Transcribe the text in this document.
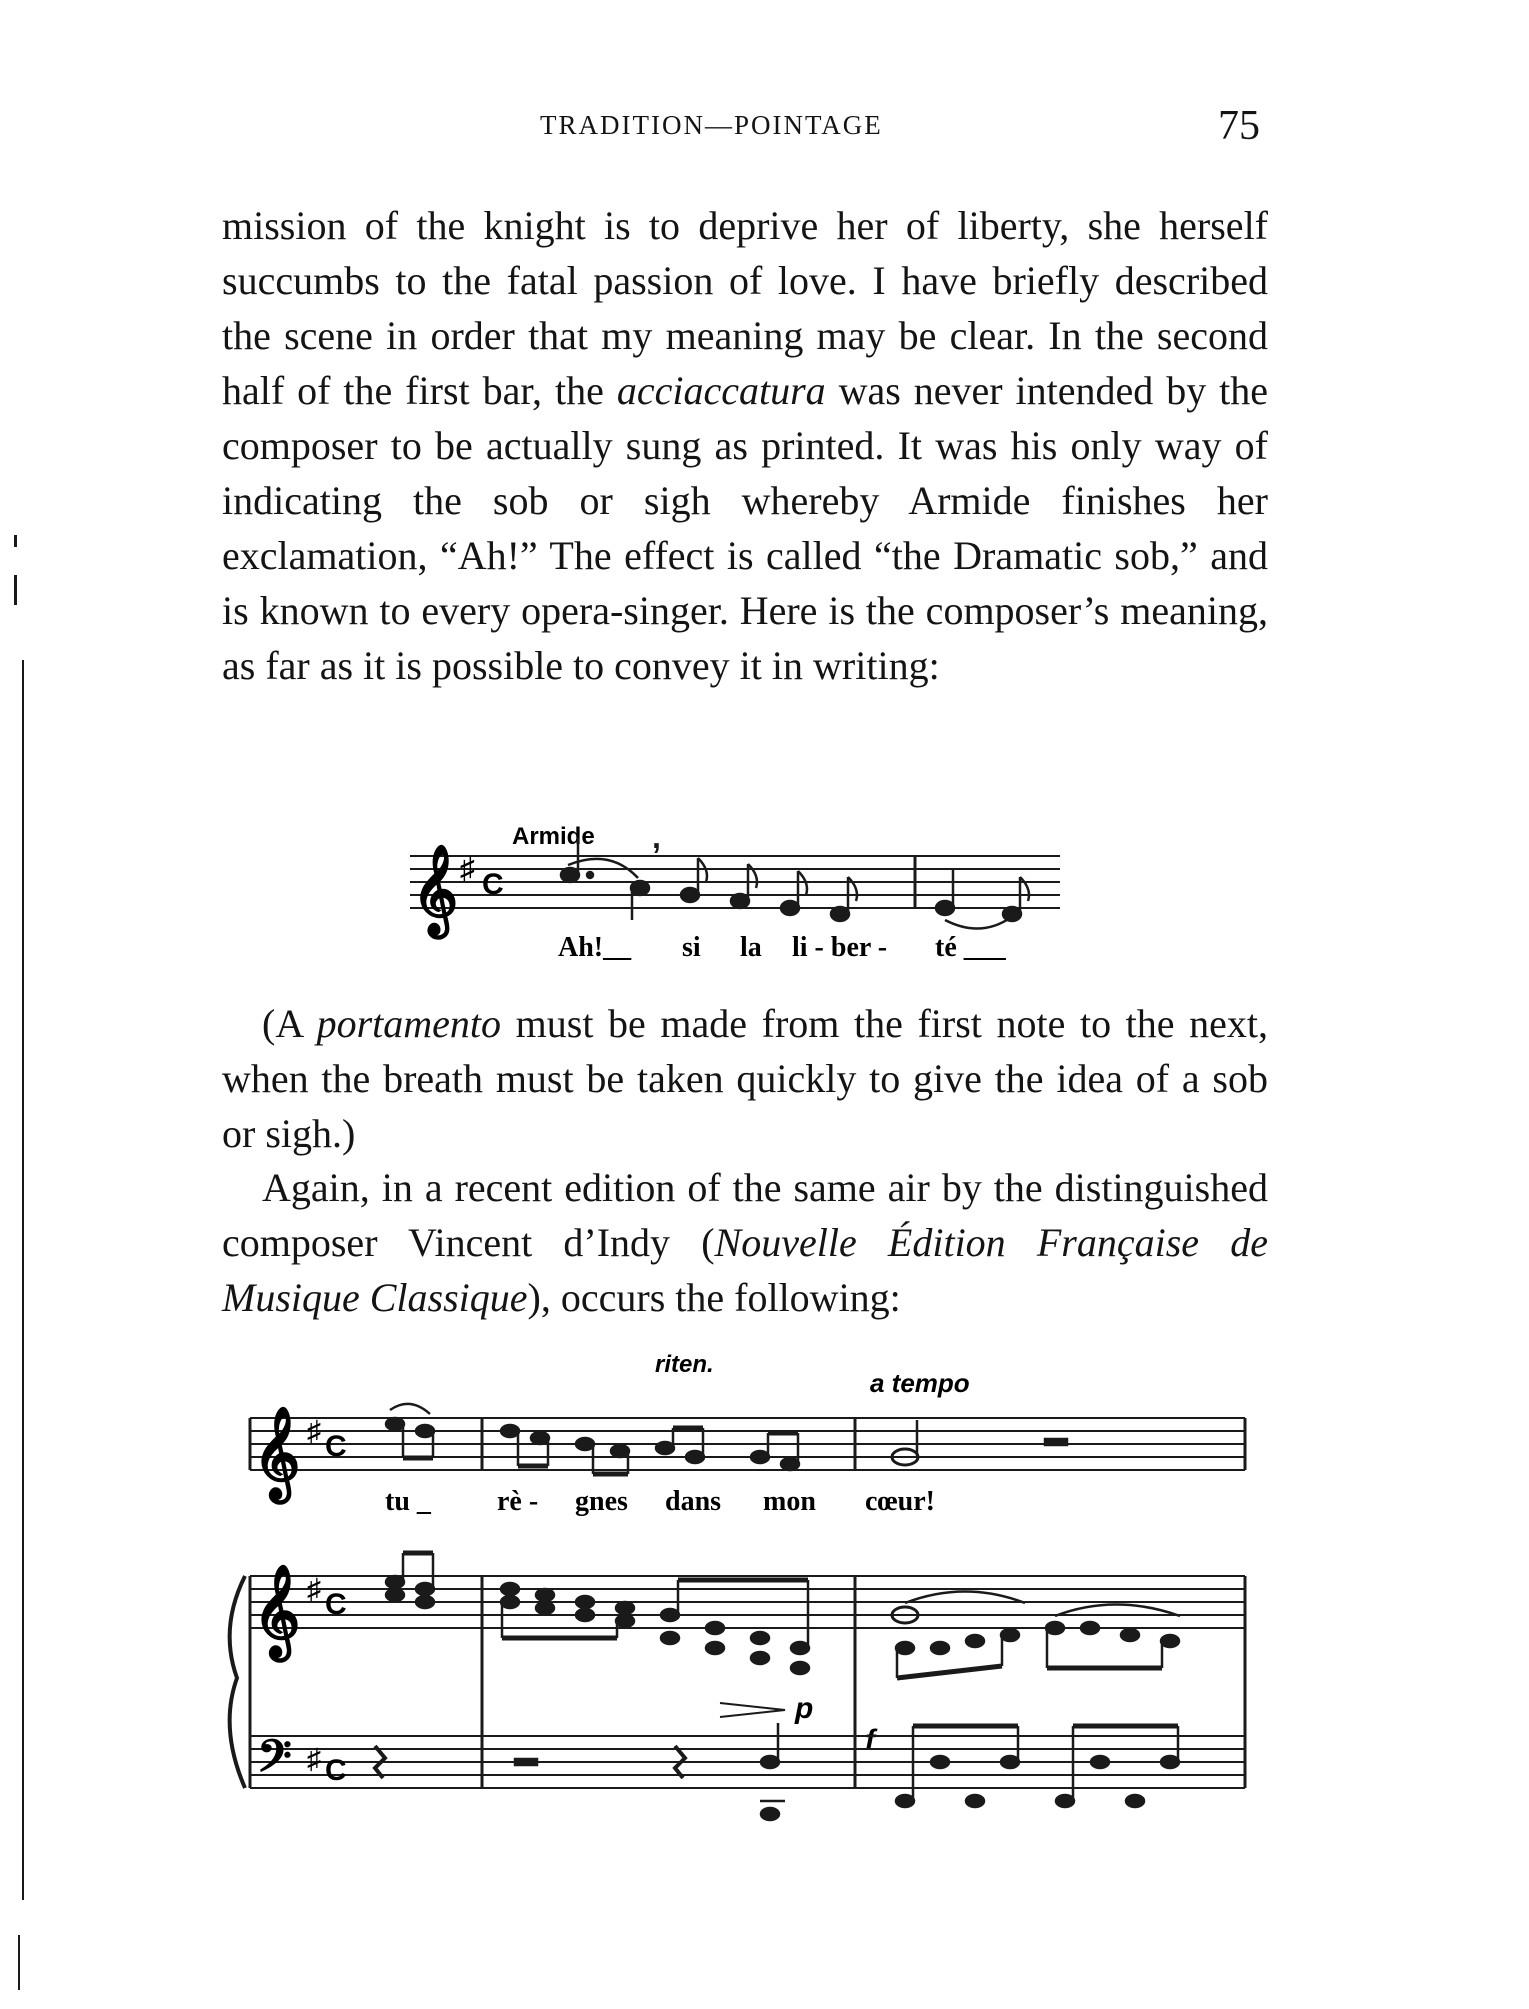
TRADITION—POINTAGE	75

mission of the knight is to deprive her of liberty, she herself succumbs to the fatal passion of love. I have briefly described the scene in order that my meaning may be clear. In the second half of the first bar, the acciaccatura was never intended by the composer to be actually sung as printed. It was his only way of indicating the sob or sigh whereby Armide finishes her exclamation, “Ah!” The effect is called “the Dramatic sob,” and is known to every opera-singer. Here is the composer’s meaning, as far as it is possible to convey it in writing:

𝄞 ♯ C
Armide ,
Ah!__ si la li - ber - té ___

(A portamento must be made from the first note to the next, when the breath must be taken quickly to give the idea of a sob or sigh.)

Again, in a recent edition of the same air by the distinguished composer Vincent d’Indy (Nouvelle Édition Française de Musique Classique), occurs the following:

riten.
a tempo
𝄞 ♯ C
tu _ rè - gnes dans mon cœur!
𝄞 ♯ C
p
f
𝄢 ♯ C
